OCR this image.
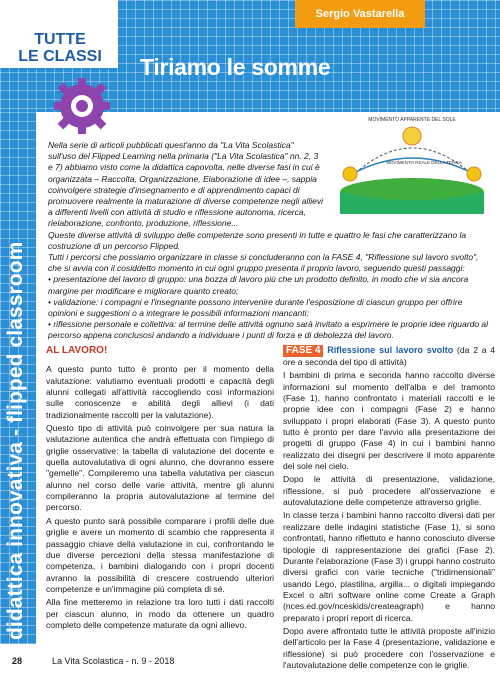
TUTTE
LE CLASSI
Sergio Vastarella
Tiriamo le somme
MOVIMENTO APPARENTE DEL SOLE
MOVIMENTO REALE DELLA TERRA
didattica innovativa - flipped classroom

Nella serie di articoli pubblicati quest'anno da "La Vita Scolastica" sull'uso del Flipped Learning nella primaria ("La Vita Scolastica" nn. 2, 3 e 7) abbiamo visto come la didattica capovolta, nelle diverse fasi in cui è organizzata – Raccolta, Organizzazione, Elaborazione di idee –, sappia coinvolgere strategie d'insegnamento e di apprendimento capaci di promuovere realmente la maturazione di diverse competenze negli allievi a differenti livelli con attività di studio e riflessione autonoma, ricerca, rielaborazione, confronto, produzione, riflessione...

Queste diverse attività di sviluppo delle competenze sono presenti in tutte e quattro le fasi che caratterizzano la costruzione di un percorso Flipped.

Tutti i percorsi che possiamo organizzare in classe si concluderanno con la FASE 4, "Riflessione sul lavoro svolto", che si avvia con il cosiddetto momento in cui ogni gruppo presenta il proprio lavoro, seguendo questi passaggi:

• presentazione del lavoro di gruppo: una bozza di lavoro più che un prodotto definito, in modo che vi sia ancora margine per modificare e migliorare quanto creato;

• validazione: i compagni e l'insegnante possono intervenire durante l'esposizione di ciascun gruppo per offrire opinioni e suggestioni o a integrare le possibili informazioni mancanti;

• riflessione personale e collettiva: al termine delle attività ognuno sarà invitato a esprimere le proprie idee riguardo al percorso appena conclusosi andando a individuare i punti di forza e di debolezza del lavoro.

AL LAVORO!

A questo punto tutto è pronto per il momento della valutazione: valutiamo eventuali prodotti e capacità degli alunni collegati all'attività raccogliendo così informazioni sulle conoscenze e abilità degli allievi (i dati tradizionalmente raccolti per la valutazione).

Questo tipo di attività può coinvolgere per sua natura la valutazione autentica che andrà effettuata con l'impiego di griglie osservative: la tabella di valutazione del docente e quella autovalutativa di ogni alunno, che dovranno essere "gemelle". Compileremo una tabella valutativa per ciascun alunno nel corso delle varie attività, mentre gli alunni compileranno la propria autovalutazione al termine del percorso.

A questo punto sarà possibile comparare i profili delle due griglie e avere un momento di scambio che rappresenta il passaggio chiave della valutazione in cui, confrontando le due diverse percezioni della stessa manifestazione di competenza, i bambini dialogando con i propri docenti avranno la possibilità di crescere costruendo ulteriori competenze e un'immagine più completa di sé.

Alla fine metteremo in relazione tra loro tutti i dati raccolti per ciascun alunno, in modo da ottenere un quadro completo delle competenze maturate da ogni allievo.

FASE 4 Riflessione sul lavoro svolto (da 2 a 4 ore a seconda del tipo di attività)

I bambini di prima e seconda hanno raccolto diverse informazioni sul momento dell'alba e del tramonto (Fase 1), hanno confrontato i materiali raccolti e le proprie idee con i compagni (Fase 2) e hanno sviluppato i propri elaborati (Fase 3). A questo punto tutto è pronto per dare l'avvio alla presentazione dei progetti di gruppo (Fase 4) in cui i bambini hanno realizzato dei disegni per descrivere il moto apparente del sole nel cielo.

Dopo le attività di presentazione, validazione, riflessione, si può procedere all'osservazione e autovalutazione delle competenze attraverso griglie.

In classe terza i bambini hanno raccolto diversi dati per realizzare delle indagini statistiche (Fase 1), si sono confrontati, hanno riflettuto e hanno conosciuto diverse tipologie di rappresentazione dei grafici (Fase 2). Durante l'elaborazione (Fase 3) i gruppi hanno costruito diversi grafici con varie tecniche ("tridimensionali" usando Lego, plastilina, argilla... o digitali impiegando Excel o altri software online come Create a Graph (nces.ed.gov/nceskids/createagraph) e hanno preparato i propri report di ricerca.

Dopo avere affrontato tutte le attività proposte all'inizio dell'articolo per la Fase 4 (presentazione, validazione e riflessione) si può procedere con l'osservazione e l'autovalutazione delle competenze con le griglie.

28	La Vita Scolastica - n. 9 - 2018
